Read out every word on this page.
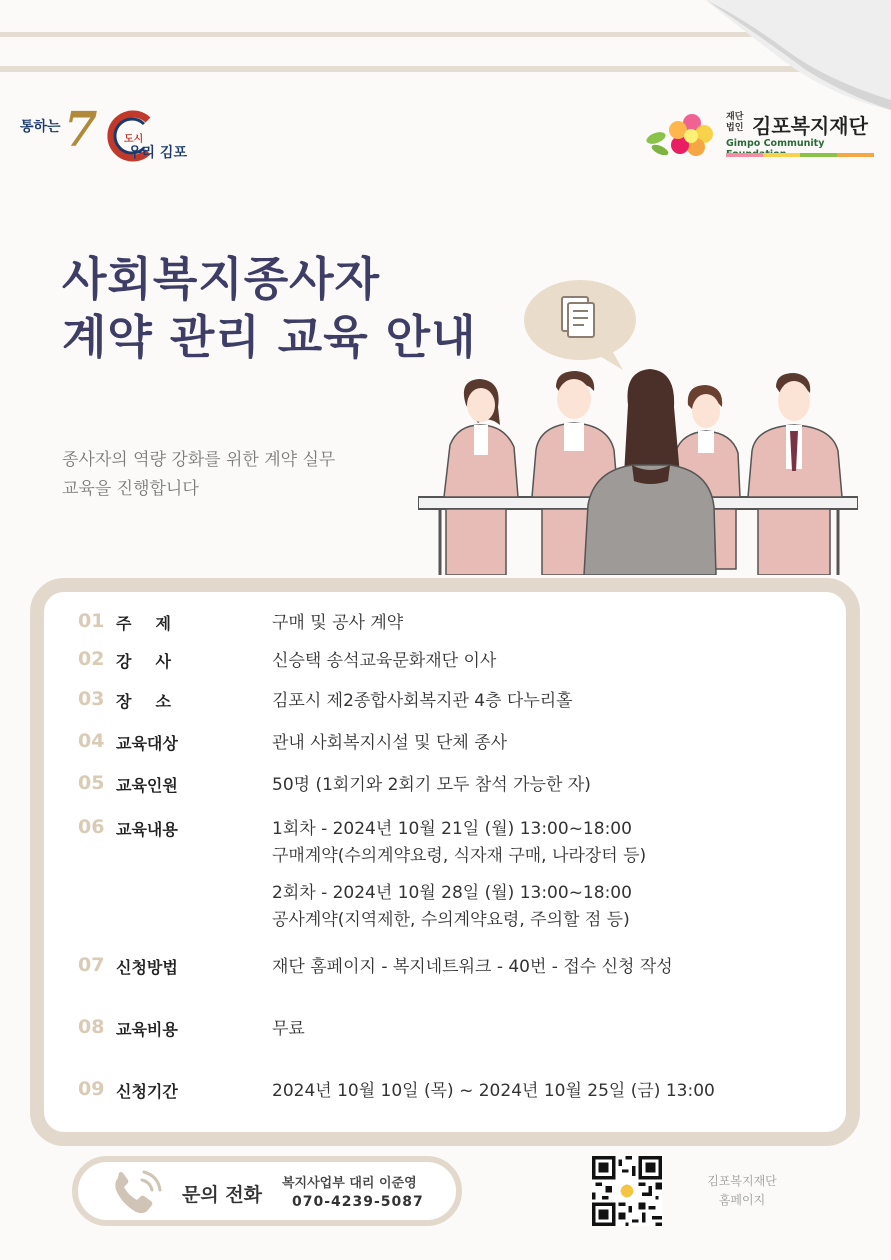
통하는 7	도시
우리 김포
재단
법인 김포복지재단
Gimpo Community
사회복지종사자
계약 관리 교육 안내
종사자의 역량 강화를 위한 계약 실무
교육을 진행합니다
01 주제	구매 및 공사 계약
02 강사	신승택 송석교육문화재단 이사
03 장소	김포시 제2종합사회복지관 4층 다누리홀
04 교육대상	관내 사회복지시설 및 단체 종사
05 교육인원	50명 (1회기와 2회기 모두 참석 가능한 자)
06 교육내용	1회차 - 2024년 10월 21일 (월) 13:00~18:00
구매계약(수의계약요령, 식자재 구매, 나라장터 등)
2회차 - 2024년 10월 28일 (월) 13:00~18:00
공사계약(지역제한, 수의계약요령, 주의할 점 등)
07 신청방법	재단 홈페이지 - 복지네트워크 - 40번 - 접수 신청 작성
08 교육비용	무료
09 신청기간	2024년 10월 10일 (목) ~ 2024년 10월 25일 (금) 13:00
문의 전화
복지사업부 대리 이준영
070-4239-5087
김포복지재단
홈페이지
